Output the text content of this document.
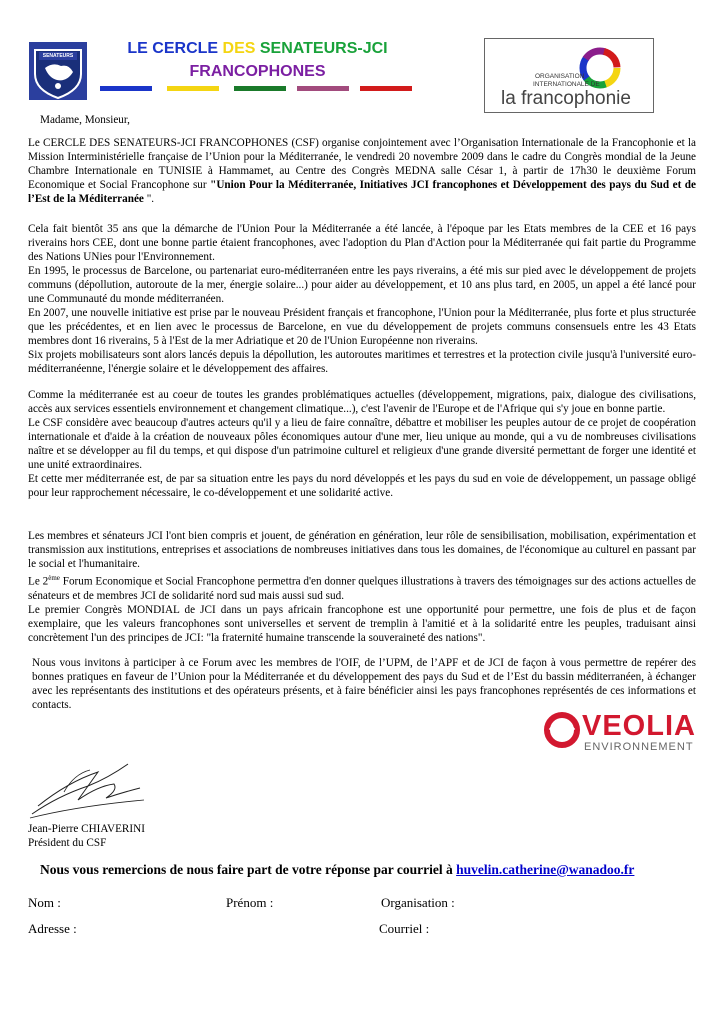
SENATEURS	LE CERCLE DES SENATEURS-JCI
FRANCOPHONES	ORGANISATION
INTERNATIONALE DE
la francophonie
Madame, Monsieur,
Le CERCLE DES SENATEURS-JCI FRANCOPHONES (CSF) organise conjointement avec l’Organisation Internationale de la Francophonie et la Mission Interministérielle française de l’Union pour la Méditerranée, le vendredi 20 novembre 2009 dans le cadre du Congrès mondial de la Jeune Chambre Internationale en TUNISIE à Hammamet, au Centre des Congrès MEDNA salle César 1, à partir de 17h30 le deuxième Forum Economique et Social Francophone sur "Union Pour la Méditerranée, Initiatives JCI francophones et Développement des pays du Sud et de l’Est de la Méditerranée ".

Cela fait bientôt 35 ans que la démarche de l'Union Pour la Méditerranée a été lancée, à l'époque par les Etats membres de la CEE et 16 pays riverains hors CEE, dont une bonne partie étaient francophones, avec l'adoption du Plan d'Action pour la Méditerranée qui fait partie du Programme des Nations UNies pour l'Environnement.

En 1995, le processus de Barcelone, ou partenariat euro-méditerranéen entre les pays riverains, a été mis sur pied avec le développement de projets communs (dépollution, autoroute de la mer, énergie solaire...) pour aider au développement, et 10 ans plus tard, en 2005, un appel a été lancé pour une Communauté du monde méditerranéen.

En 2007, une nouvelle initiative est prise par le nouveau Président français et francophone, l'Union pour la Méditerranée, plus forte et plus structurée que les précédentes, et en lien avec le processus de Barcelone, en vue du développement de projets communs consensuels entre les 43 Etats membres dont 16 riverains, 5 à l'Est de la mer Adriatique et 20 de l'Union Européenne non riverains.

Six projets mobilisateurs sont alors lancés depuis la dépollution, les autoroutes maritimes et terrestres et la protection civile jusqu'à l'université euro-méditerranéenne, l'énergie solaire et le développement des affaires.

Comme la méditerranée est au coeur de toutes les grandes problématiques actuelles (développement, migrations, paix, dialogue des civilisations, accès aux services essentiels environnement et changement climatique...), c'est l'avenir de l'Europe et de l'Afrique qui s'y joue en bonne partie.

Le CSF considère avec beaucoup d'autres acteurs qu'il y a lieu de faire connaître, débattre et mobiliser les peuples autour de ce projet de coopération internationale et d'aide à la création de nouveaux pôles économiques autour d'une mer, lieu unique au monde, qui a vu de nombreuses civilisations naître et se développer au fil du temps, et qui dispose d'un patrimoine culturel et religieux d'une grande diversité permettant de forger une identité et une unité extraordinaires.

Et cette mer méditerranée est, de par sa situation entre les pays du nord développés et les pays du sud en voie de développement, un passage obligé pour leur rapprochement nécessaire, le co-développement et une solidarité active.

Les membres et sénateurs JCI l'ont bien compris et jouent, de génération en génération, leur rôle de sensibilisation, mobilisation, expérimentation et transmission aux institutions, entreprises et associations de nombreuses initiatives dans tous les domaines, de l'économique au culturel en passant par le social et l'humanitaire.

Le 2ème Forum Economique et Social Francophone permettra d'en donner quelques illustrations à travers des témoignages sur des actions actuelles de sénateurs et de membres JCI de solidarité nord sud mais aussi sud sud.

Le premier Congrès MONDIAL de JCI dans un pays africain francophone est une opportunité pour permettre, une fois de plus et de façon exemplaire, que les valeurs francophones sont universelles et servent de tremplin à l'amitié et à la solidarité entre les peuples, traduisant ainsi concrètement l'un des principes de JCI: "la fraternité humaine transcende la souveraineté des nations".

Nous vous invitons à participer à ce Forum avec les membres de l'OIF, de l’UPM, de l’APF et de JCI de façon à vous permettre de repérer des bonnes pratiques en faveur de l’Union pour la Méditerranée et du développement des pays du Sud et de l’Est du bassin méditerranéen, à échanger avec les représentants des institutions et des opérateurs présents, et à faire bénéficier ainsi les pays francophones représentés de ces informations et contacts.

VEOLIA
ENVIRONNEMENT
Jean-Pierre CHIAVERINI
Président du CSF
Nous vous remercions de nous faire part de votre réponse par courriel à huvelin.catherine@wanadoo.fr
Nom :	Prénom :	Organisation :
Adresse :	Courriel :
